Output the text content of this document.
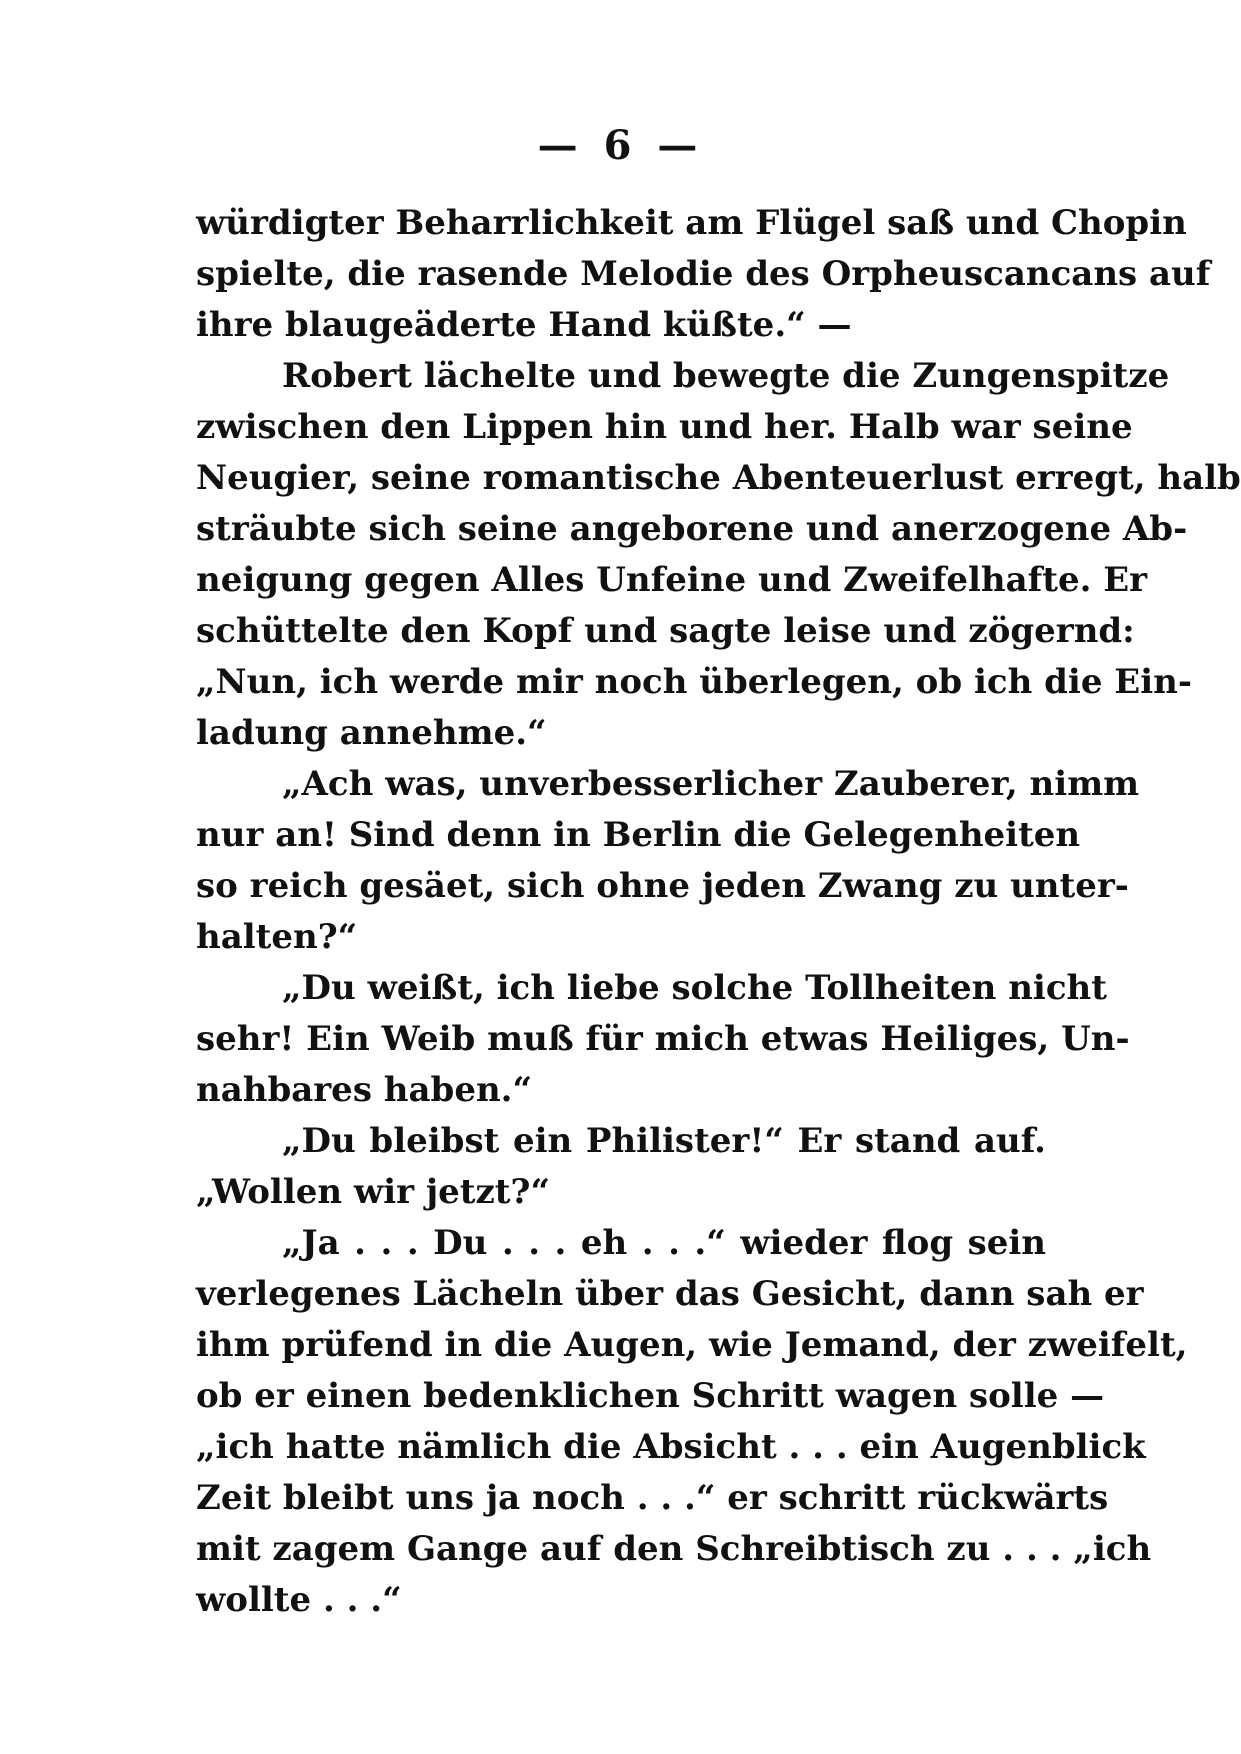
— 6 —
würdigter Beharrlichkeit am Flügel saß und Chopin
spielte, die rasende Melodie des Orpheuscancans auf
ihre blaugeäderte Hand küßte.“ —
Robert lächelte und bewegte die Zungenspitze
zwischen den Lippen hin und her. Halb war seine
Neugier, seine romantische Abenteuerlust erregt, halb
sträubte sich seine angeborene und anerzogene Ab-
neigung gegen Alles Unfeine und Zweifelhafte. Er
schüttelte den Kopf und sagte leise und zögernd:
„Nun, ich werde mir noch überlegen, ob ich die Ein-
ladung annehme.“
„Ach was, unverbesserlicher Zauberer, nimm
nur an! Sind denn in Berlin die Gelegenheiten
so reich gesäet, sich ohne jeden Zwang zu unter-
halten?“
„Du weißt, ich liebe solche Tollheiten nicht
sehr! Ein Weib muß für mich etwas Heiliges, Un-
nahbares haben.“
„Du bleibst ein Philister!“ Er stand auf.
„Wollen wir jetzt?“
„Ja . . . Du . . . eh . . .“ wieder flog sein
verlegenes Lächeln über das Gesicht, dann sah er
ihm prüfend in die Augen, wie Jemand, der zweifelt,
ob er einen bedenklichen Schritt wagen solle —
„ich hatte nämlich die Absicht . . . ein Augenblick
Zeit bleibt uns ja noch . . .“ er schritt rückwärts
mit zagem Gange auf den Schreibtisch zu . . . „ich
wollte . . .“
